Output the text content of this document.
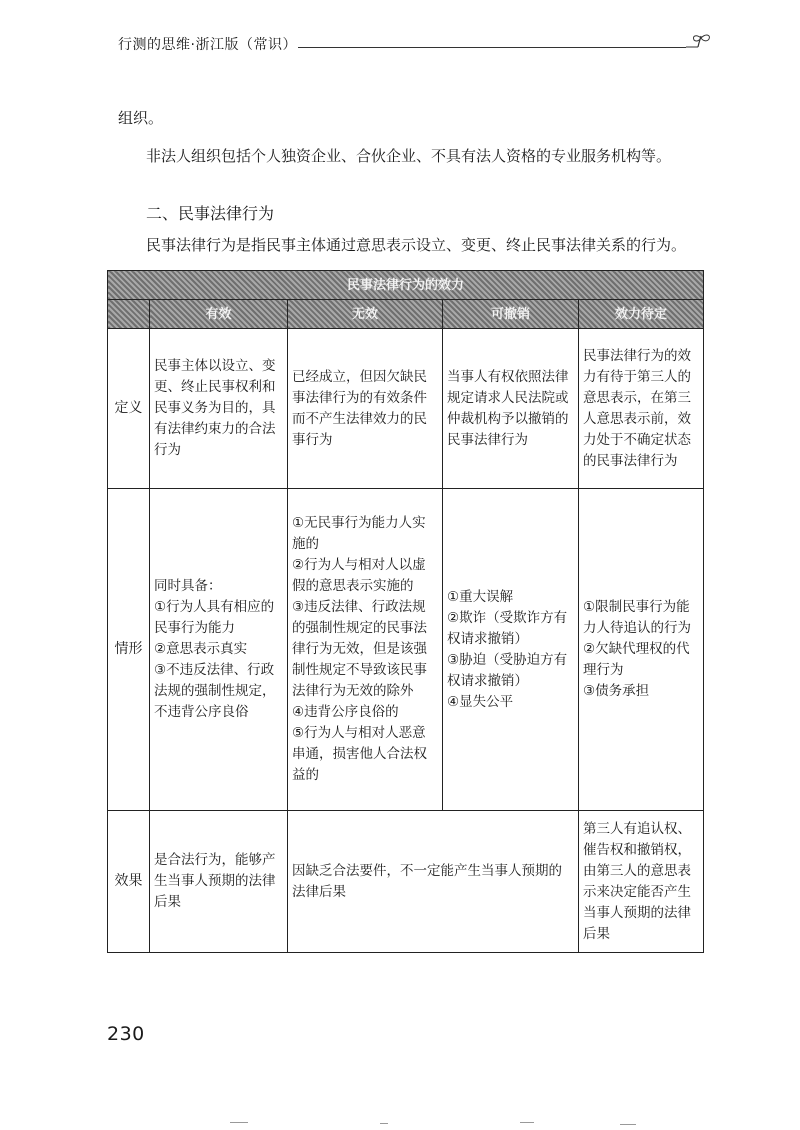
行测的思维·浙江版（常识）
组织。
非法人组织包括个人独资企业、合伙企业、不具有法人资格的专业服务机构等。
二、民事法律行为
民事法律行为是指民事主体通过意思表示设立、变更、终止民事法律关系的行为。
民事法律行为的效力				
	有效	无效	可撤销	效力待定
定义	民事主体以设立、变更、终止民事权利和民事义务为目的，具有法律约束力的合法行为	已经成立，但因欠缺民事法律行为的有效条件而不产生法律效力的民事行为	当事人有权依照法律规定请求人民法院或仲裁机构予以撤销的民事法律行为	民事法律行为的效力有待于第三人的意思表示，在第三人意思表示前，效力处于不确定状态的民事法律行为
情形	同时具备：
①行为人具有相应的民事行为能力
②意思表示真实
③不违反法律、行政法规的强制性规定，不违背公序良俗	①无民事行为能力人实施的
②行为人与相对人以虚假的意思表示实施的
③违反法律、行政法规的强制性规定的民事法律行为无效，但是该强制性规定不导致该民事法律行为无效的除外
④违背公序良俗的
⑤行为人与相对人恶意串通，损害他人合法权益的	①重大误解
②欺诈（受欺诈方有权请求撤销）
③胁迫（受胁迫方有权请求撤销）
④显失公平	①限制民事行为能力人待追认的行为
②欠缺代理权的代理行为
③债务承担

效果	是合法行为，能够产生当事人预期的法律后果	因缺乏合法要件，不一定能产生当事人预期的法律后果		第三人有追认权、催告权和撤销权，由第三人的意思表示来决定能否产生当事人预期的法律后果
230
